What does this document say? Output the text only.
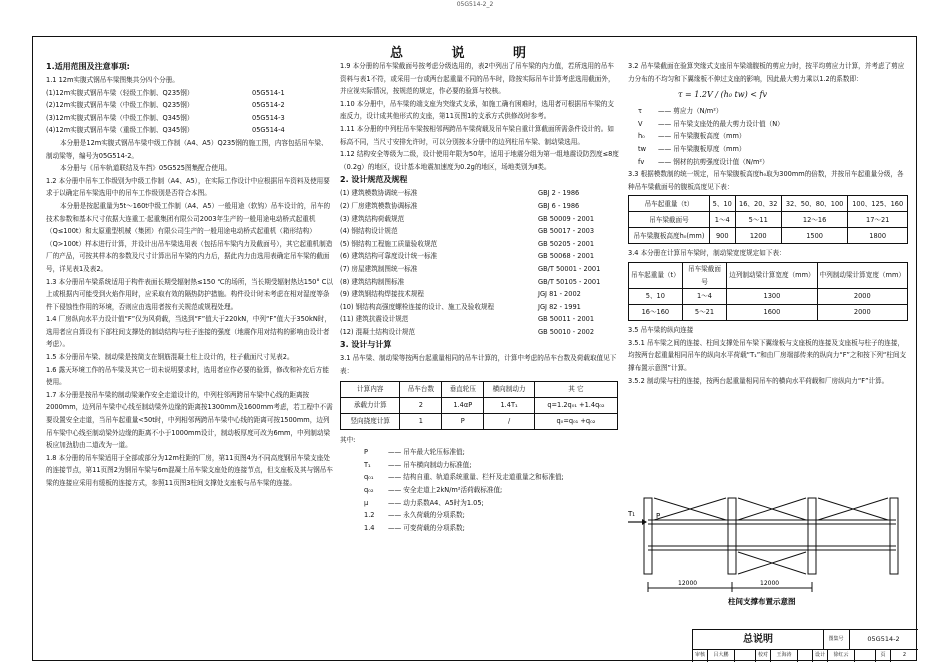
05G514-2_2
总 说 明

1.适用范围及注意事项:

1.1 12m实腹式钢吊车梁图集共分四个分册。

(1)12m实腹式钢吊车梁（轻级工作制、Q235钢）	05G514-1
(2)12m实腹式钢吊车梁（中级工作制、Q235钢）	05G514-2
(3)12m实腹式钢吊车梁（中级工作制、Q345钢）	05G514-3
(4)12m实腹式钢吊车梁（重级工作制、Q345钢）	05G514-4

本分册是12m实腹式钢吊车梁中级工作制（A4、A5）Q235钢的施工图，内容包括吊车梁、制动梁等，编号为05G514-2。

本分册与《吊车轨道联结及车挡》05G525图集配合使用。

1.2 本分册中吊车工作级别为中级工作制（A4、A5），在实际工作设计中应根据吊车资料及使用要求于以确定吊车梁选用中的吊车工作级别是否符合本图。

本分册是按起重量为5t～160t中级工作制（A4、A5）一般用途（软钩）吊车设计的，吊车的技术参数和基本尺寸依据大连重工·起重集团有限公司2003年生产的一般用途电动桥式起重机（Q≤100t）和太原重型机械（集团）有限公司生产的一般用途电动桥式起重机（箱形结构）（Q>100t）样本进行计算，并设计出吊车梁选用表（包括吊车梁内力及截面号），其它起重机制造厂的产品，可按其样本的参数及尺寸计算出吊车梁的内力后，据此内力由选用表确定吊车梁的截面号，详见表1及表2。

1.3 本分册吊车梁系统适用于构件表面长期受辐射热≤150 ℃的场所，当长期受辐射热达150° C以上或根据内可能受到火焰作用时，应采取有效的隔热防护措施。构件设计时未考虑在相对湿度等条件下侵蚀性作用的环境，否则应由选用者按有关规范或规程处理。

1.4 厂房纵向水平力设计值“F”仅为风荷载，当选到“F”值大于220kN，中列“F”值大于350kN时，选用者应自算设有下部柱间支撑处的制动结构与柱子连接的强度（地震作用对结构的影响由设计者考虑）。

1.5 本分册吊车梁、制动梁是按简支在钢筋混凝土柱上设计的，柱子截面尺寸见表2。

1.6 露天环境工作的吊车梁及其它一切未说明要求时，选用者应作必要的验算，修改和补充后方能使用。

1.7 本分册是按吊车梁的制动梁兼作安全走道设计的，中列柱邻两跨吊车梁中心线的距离按2000mm，边列吊车梁中心线至制动梁外边缘的距离按1300mm及1600mm考虑，若工程中不需要设置安全走道，当吊车起重量<50t时，中列相邻两跨吊车梁中心线的距离可按1500mm，边列吊车梁中心线至制动梁外边缘的距离不小于1000mm设计，制动板厚度可改为6mm，中列制动梁板应加劲肋由二道改为一道。

1.8 本分册的吊车梁适用于全部或部分为12m柱距的厂房，第11页图4为不同高度钢吊车梁支座处的连接节点，第11页图2为钢吊车梁与6m混凝土吊车梁支座处的连接节点，但支座板及其与钢吊车梁的连接应采用有缓板的连接方式，参照11页图3柱间支撑处支座板与吊车梁的连接。

1.9 本分册的吊车梁截面号按考虑分级选用的，表2中列出了吊车梁的内力值，若所选用的吊车资料与表1不符，或采用一台或两台起重量不同的吊车时，除按实际吊车计算考虑选用截面外，并应视实际情况，按规范的规定，作必要的验算与校核。

1.10 本分册中，吊车梁的端支座为突缘式支承，如施工确有困难时，选用者可根据吊车梁的支座反力，设计成其他形式的支座，第11页图1的支承方式供修改时参考。

1.11 本分册的中列柱吊车梁按相邻两跨吊车梁荷载及吊车梁自重计算截面所需条件设计的。如标高不同，当尺寸安排允许时，可以分别按本分册中的边列柱吊车梁、制动梁选用。

1.12 结构安全等级为二级，设计使用年限为50年，适用于地震分组为第一组地震设防烈度≤8度（0.2g）的地区，设计基本地震加速度为0.2g的地区，场地类别为Ⅱ类。

2. 设计规范及规程

(1) 建筑模数协调统一标准	GBJ 2 - 1986
(2) 厂房建筑模数协调标准	GBJ 6 - 1986
(3) 建筑结构荷载规范	GB 50009 - 2001
(4) 钢结构设计规范	GB 50017 - 2003
(5) 钢结构工程施工质量验收规范	GB 50205 - 2001
(6) 建筑结构可靠度设计统一标准	GB 50068 - 2001
(7) 房屋建筑制图统一标准	GB/T 50001 - 2001
(8) 建筑结构制图标准	GB/T 50105 - 2001
(9) 建筑钢结构焊接技术规程	JGJ 81 - 2002
(10) 钢结构高强度螺栓连接的设计、施工及验收规程	JGJ 82 - 1991
(11) 建筑抗震设计规范	GB 50011 - 2001
(12) 混凝土结构设计规范	GB 50010 - 2002

3. 设计与计算

3.1 吊车梁、制动梁等按两台起重量相同的吊车计算的，计算中考虑的吊车台数及荷载取值见下表：

计算内容	吊车台数	垂直轮压	横向制动力	其 它
承载力计算	2	1.4αP	1.4T₁	q=1.2q₀₁ +1.4q₀₂
竖向挠度计算	1	P	/	q₀=q₀₁ +q₀₂

其中:

P	—— 吊车最大轮压标准值;
T₁	—— 吊车横向制动力标准值;
q₀₁	—— 结构自重、轨道系统重量、栏杆及走道重量之和标准值;
q₀₂	—— 安全走道上2kN/m²活荷载标准值;
μ	—— 动力系数A4、A5时为1.05;
1.2	—— 永久荷载的分项系数;
1.4	—— 可变荷载的分项系数;

3.2 吊车梁截面在验算突缘式支座吊车梁端腹板的剪应力时，按平均剪应力计算，并考虑了剪应力分布的不均匀和下翼缘板不伸过支座的影响，因此最大剪力乘以1.2的系数即：

τ = 1.2V / (h₀ tw) < fv

τ	—— 剪应力（N/m²）
V	—— 吊车梁支座处的最大剪力设计值（N）
h₀	—— 吊车梁腹板高度（mm）
tw	—— 吊车梁腹板厚度（mm）
fv	—— 钢材的抗剪强度设计值（N/m²）

3.3 根据模数制的统一规定，吊车梁腹板高度h₀取为300mm的倍数，并按吊车起重量分级，各种吊车梁截面号的腹板高度见下表：

吊车起重量（t）	5、10	16、20、32	32、50、80、100	100、125、160
吊车梁截面号	1～4	5～11	12～16	17～21
吊车梁腹板高度h₀(mm)	900	1200	1500	1800

3.4 本分册在计算吊车梁时，制动梁宽度规定如下表：

吊车起重量（t）	吊车梁截面号	边列制动梁计算宽度（mm）	中列制动梁计算宽度（mm）
5、10	1～4	1300	2000
16～160	5～21	1600	2000

3.5 吊车梁的纵向连接

3.5.1 吊车梁之间的连接、柱间支撑处吊车梁下翼缘板与支座板的连接及支座板与柱子的连接，均按两台起重量相同吊车的纵向水平荷载“T₁”和由厂房端部传来的纵向力“F”之和按下列“柱间支撑布置示意图”计算。

3.5.2 制动梁与柱的连接，按两台起重量相同吊车的横向水平荷载和厂房纵向力“F”计算。

T₁	P
12000	12000
柱间支撑布置示意图
总说明	图集号	05G514-2
审核	吕大鹏	校对	王海涛	设计	徐红云	页	2
